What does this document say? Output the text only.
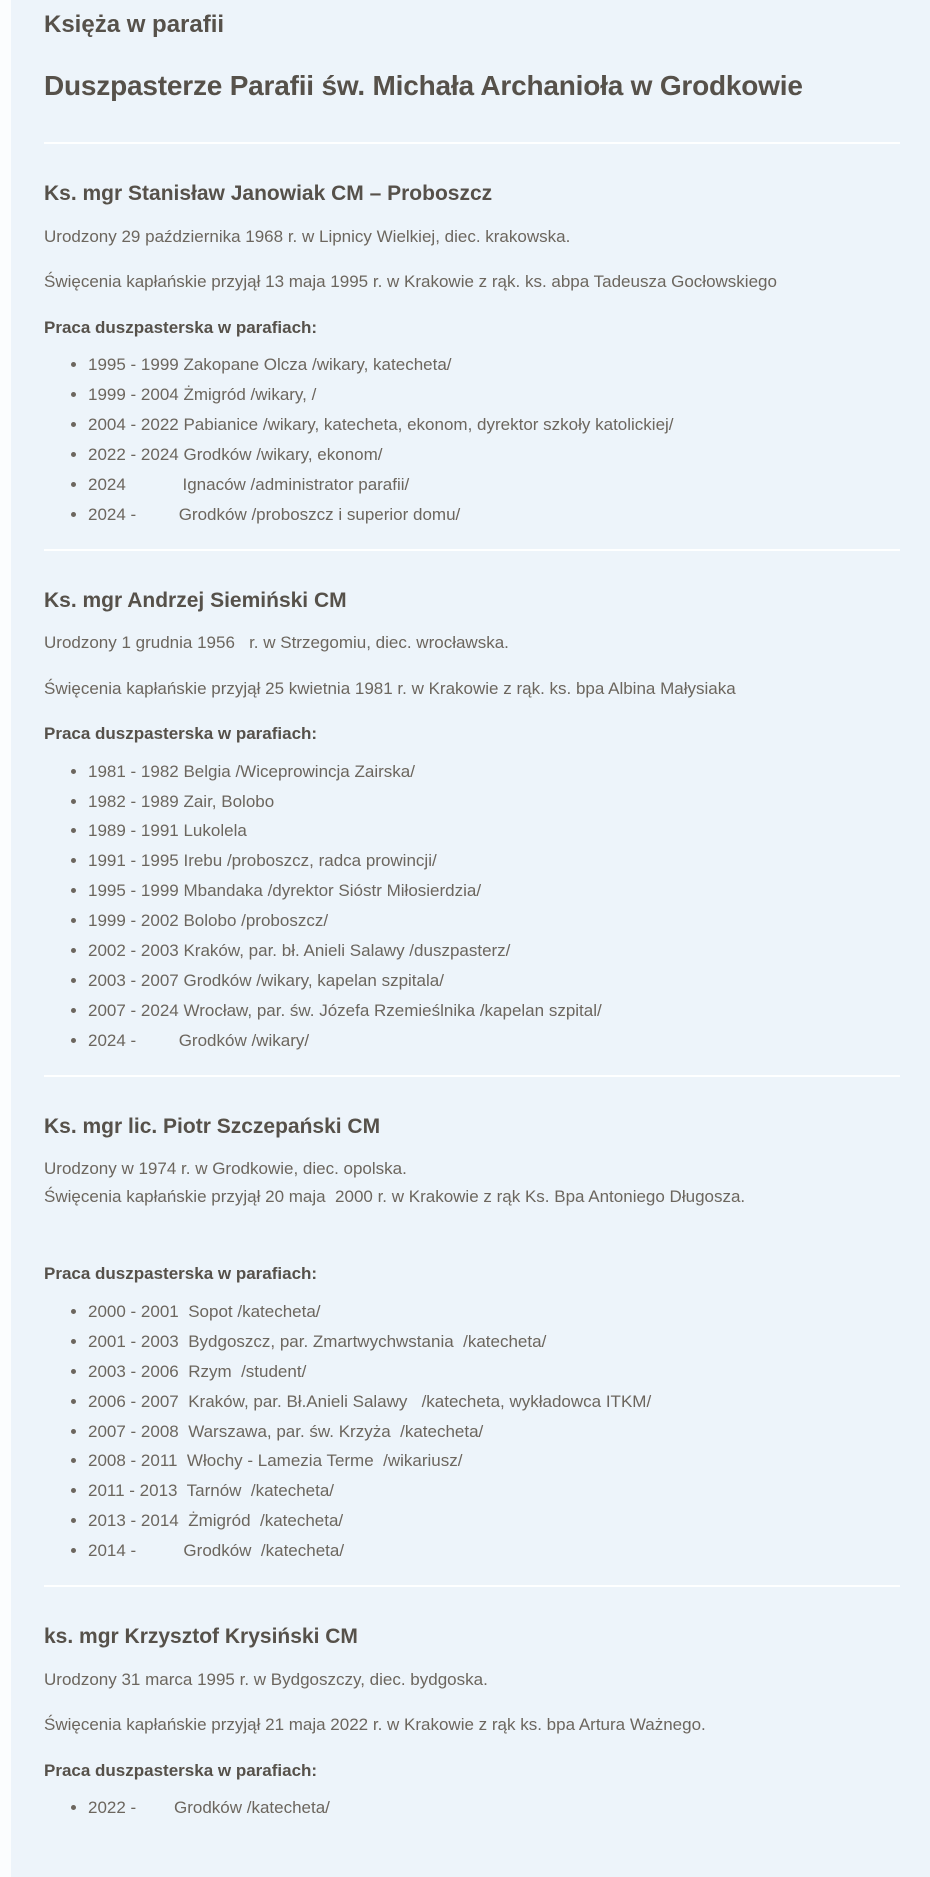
Księża w parafii
Duszpasterze Parafii św. Michała Archanioła w Grodkowie
Ks. mgr Stanisław Janowiak CM – Proboszcz

Urodzony 29 października 1968 r. w Lipnicy Wielkiej, diec. krakowska.

Święcenia kapłańskie przyjął 13 maja 1995 r. w Krakowie z rąk. ks. abpa Tadeusza Gocłowskiego

Praca duszpasterska w parafiach:

• 1995 - 1999 Zakopane Olcza /wikary, katecheta/
• 1999 - 2004 Żmigród /wikary, /
• 2004 - 2022 Pabianice /wikary, katecheta, ekonom, dyrektor szkoły katolickiej/
• 2022 - 2024 Grodków /wikary, ekonom/
• 2024            Ignaców /administrator parafii/
• 2024 -         Grodków /proboszcz i superior domu/
Ks. mgr Andrzej Siemiński CM

Urodzony 1 grudnia 1956   r. w Strzegomiu, diec. wrocławska.

Święcenia kapłańskie przyjął 25 kwietnia 1981 r. w Krakowie z rąk. ks. bpa Albina Małysiaka

Praca duszpasterska w parafiach:

• 1981 - 1982 Belgia /Wiceprowincja Zairska/
• 1982 - 1989 Zair, Bolobo
• 1989 - 1991 Lukolela
• 1991 - 1995 Irebu /proboszcz, radca prowincji/
• 1995 - 1999 Mbandaka /dyrektor Sióstr Miłosierdzia/
• 1999 - 2002 Bolobo /proboszcz/
• 2002 - 2003 Kraków, par. bł. Anieli Salawy /duszpasterz/
• 2003 - 2007 Grodków /wikary, kapelan szpitala/
• 2007 - 2024 Wrocław, par. św. Józefa Rzemieślnika /kapelan szpital/
• 2024 -         Grodków /wikary/
Ks. mgr lic. Piotr Szczepański CM

Urodzony w 1974 r. w Grodkowie, diec. opolska.

Święcenia kapłańskie przyjął 20 maja  2000 r. w Krakowie z rąk Ks. Bpa Antoniego Długosza.

Praca duszpasterska w parafiach:

• 2000 - 2001  Sopot /katecheta/
• 2001 - 2003  Bydgoszcz, par. Zmartwychwstania  /katecheta/
• 2003 - 2006  Rzym  /student/
• 2006 - 2007  Kraków, par. Bł.Anieli Salawy   /katecheta, wykładowca ITKM/
• 2007 - 2008  Warszawa, par. św. Krzyża  /katecheta/
• 2008 - 2011  Włochy - Lamezia Terme  /wikariusz/
• 2011 - 2013  Tarnów  /katecheta/
• 2013 - 2014  Żmigród  /katecheta/
• 2014 -          Grodków  /katecheta/
ks. mgr Krzysztof Krysiński CM

Urodzony 31 marca 1995 r. w Bydgoszczy, diec. bydgoska.

Święcenia kapłańskie przyjął 21 maja 2022 r. w Krakowie z rąk ks. bpa Artura Ważnego.

Praca duszpasterska w parafiach:

• 2022 -        Grodków /katecheta/
